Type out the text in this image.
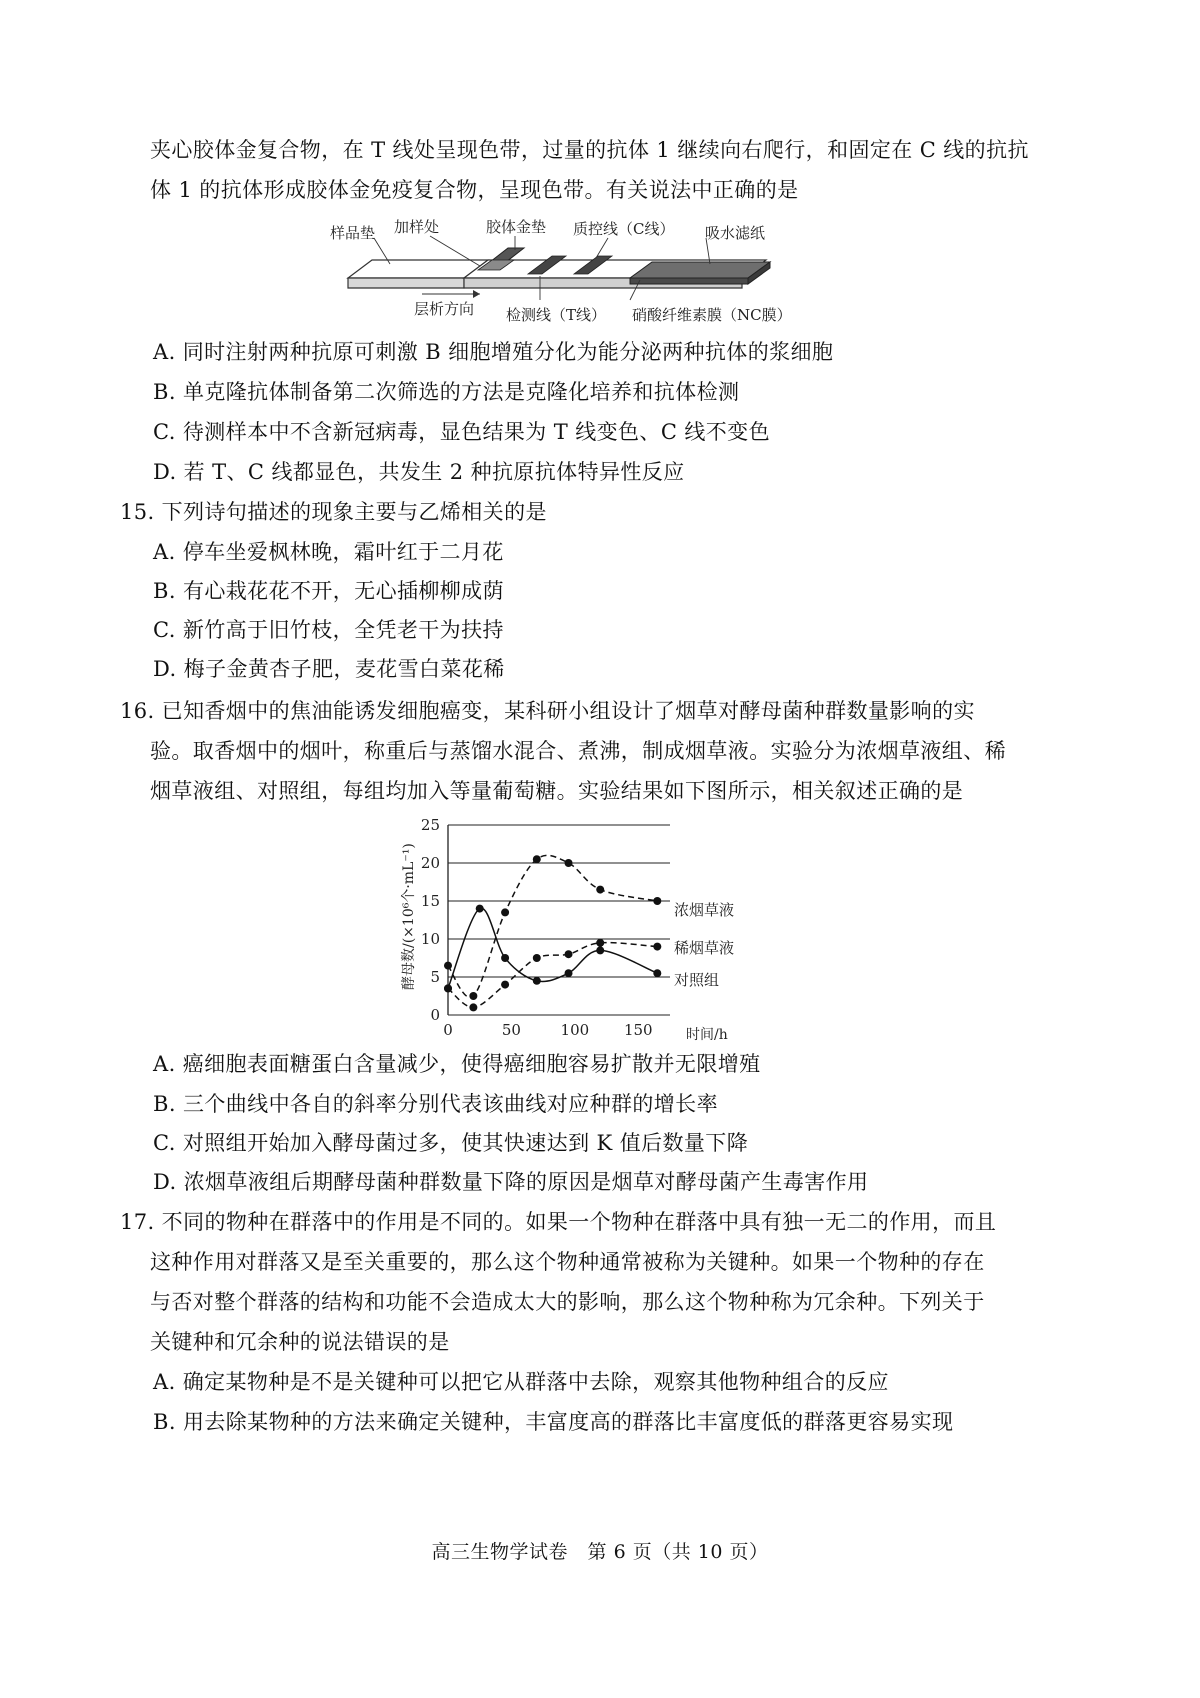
夹心胶体金复合物，在 T 线处呈现色带，过量的抗体 1 继续向右爬行，和固定在 C 线的抗抗
体 1 的抗体形成胶体金免疫复合物，呈现色带。有关说法中正确的是
样品垫 加样处	胶体金垫 质控线（C线） 吸水滤纸
层析方向 检测线（T线） 硝酸纤维素膜（NC膜）
A. 同时注射两种抗原可刺激 B 细胞增殖分化为能分泌两种抗体的浆细胞
B. 单克隆抗体制备第二次筛选的方法是克隆化培养和抗体检测
C. 待测样本中不含新冠病毒，显色结果为 T 线变色、C 线不变色
D. 若 T、C 线都显色，共发生 2 种抗原抗体特异性反应
15. 下列诗句描述的现象主要与乙烯相关的是
A. 停车坐爱枫林晚，霜叶红于二月花
B. 有心栽花花不开，无心插柳柳成荫
C. 新竹高于旧竹枝，全凭老干为扶持
D. 梅子金黄杏子肥，麦花雪白菜花稀
16. 已知香烟中的焦油能诱发细胞癌变，某科研小组设计了烟草对酵母菌种群数量影响的实
验。取香烟中的烟叶，称重后与蒸馏水混合、煮沸，制成烟草液。实验分为浓烟草液组、稀
烟草液组、对照组，每组均加入等量葡萄糖。实验结果如下图所示，相关叙述正确的是
0
5
10
15
20
25
0	50	100 150
酵母数/(×10⁶个·mL⁻¹)
时间/h
浓烟草液
稀烟草液
对照组
A. 癌细胞表面糖蛋白含量减少，使得癌细胞容易扩散并无限增殖
B. 三个曲线中各自的斜率分别代表该曲线对应种群的增长率
C. 对照组开始加入酵母菌过多，使其快速达到 K 值后数量下降
D. 浓烟草液组后期酵母菌种群数量下降的原因是烟草对酵母菌产生毒害作用
17. 不同的物种在群落中的作用是不同的。如果一个物种在群落中具有独一无二的作用，而且
这种作用对群落又是至关重要的，那么这个物种通常被称为关键种。如果一个物种的存在
与否对整个群落的结构和功能不会造成太大的影响，那么这个物种称为冗余种。下列关于
关键种和冗余种的说法错误的是
A. 确定某物种是不是关键种可以把它从群落中去除，观察其他物种组合的反应
B. 用去除某物种的方法来确定关键种，丰富度高的群落比丰富度低的群落更容易实现
高三生物学试卷　第 6 页（共 10 页）
